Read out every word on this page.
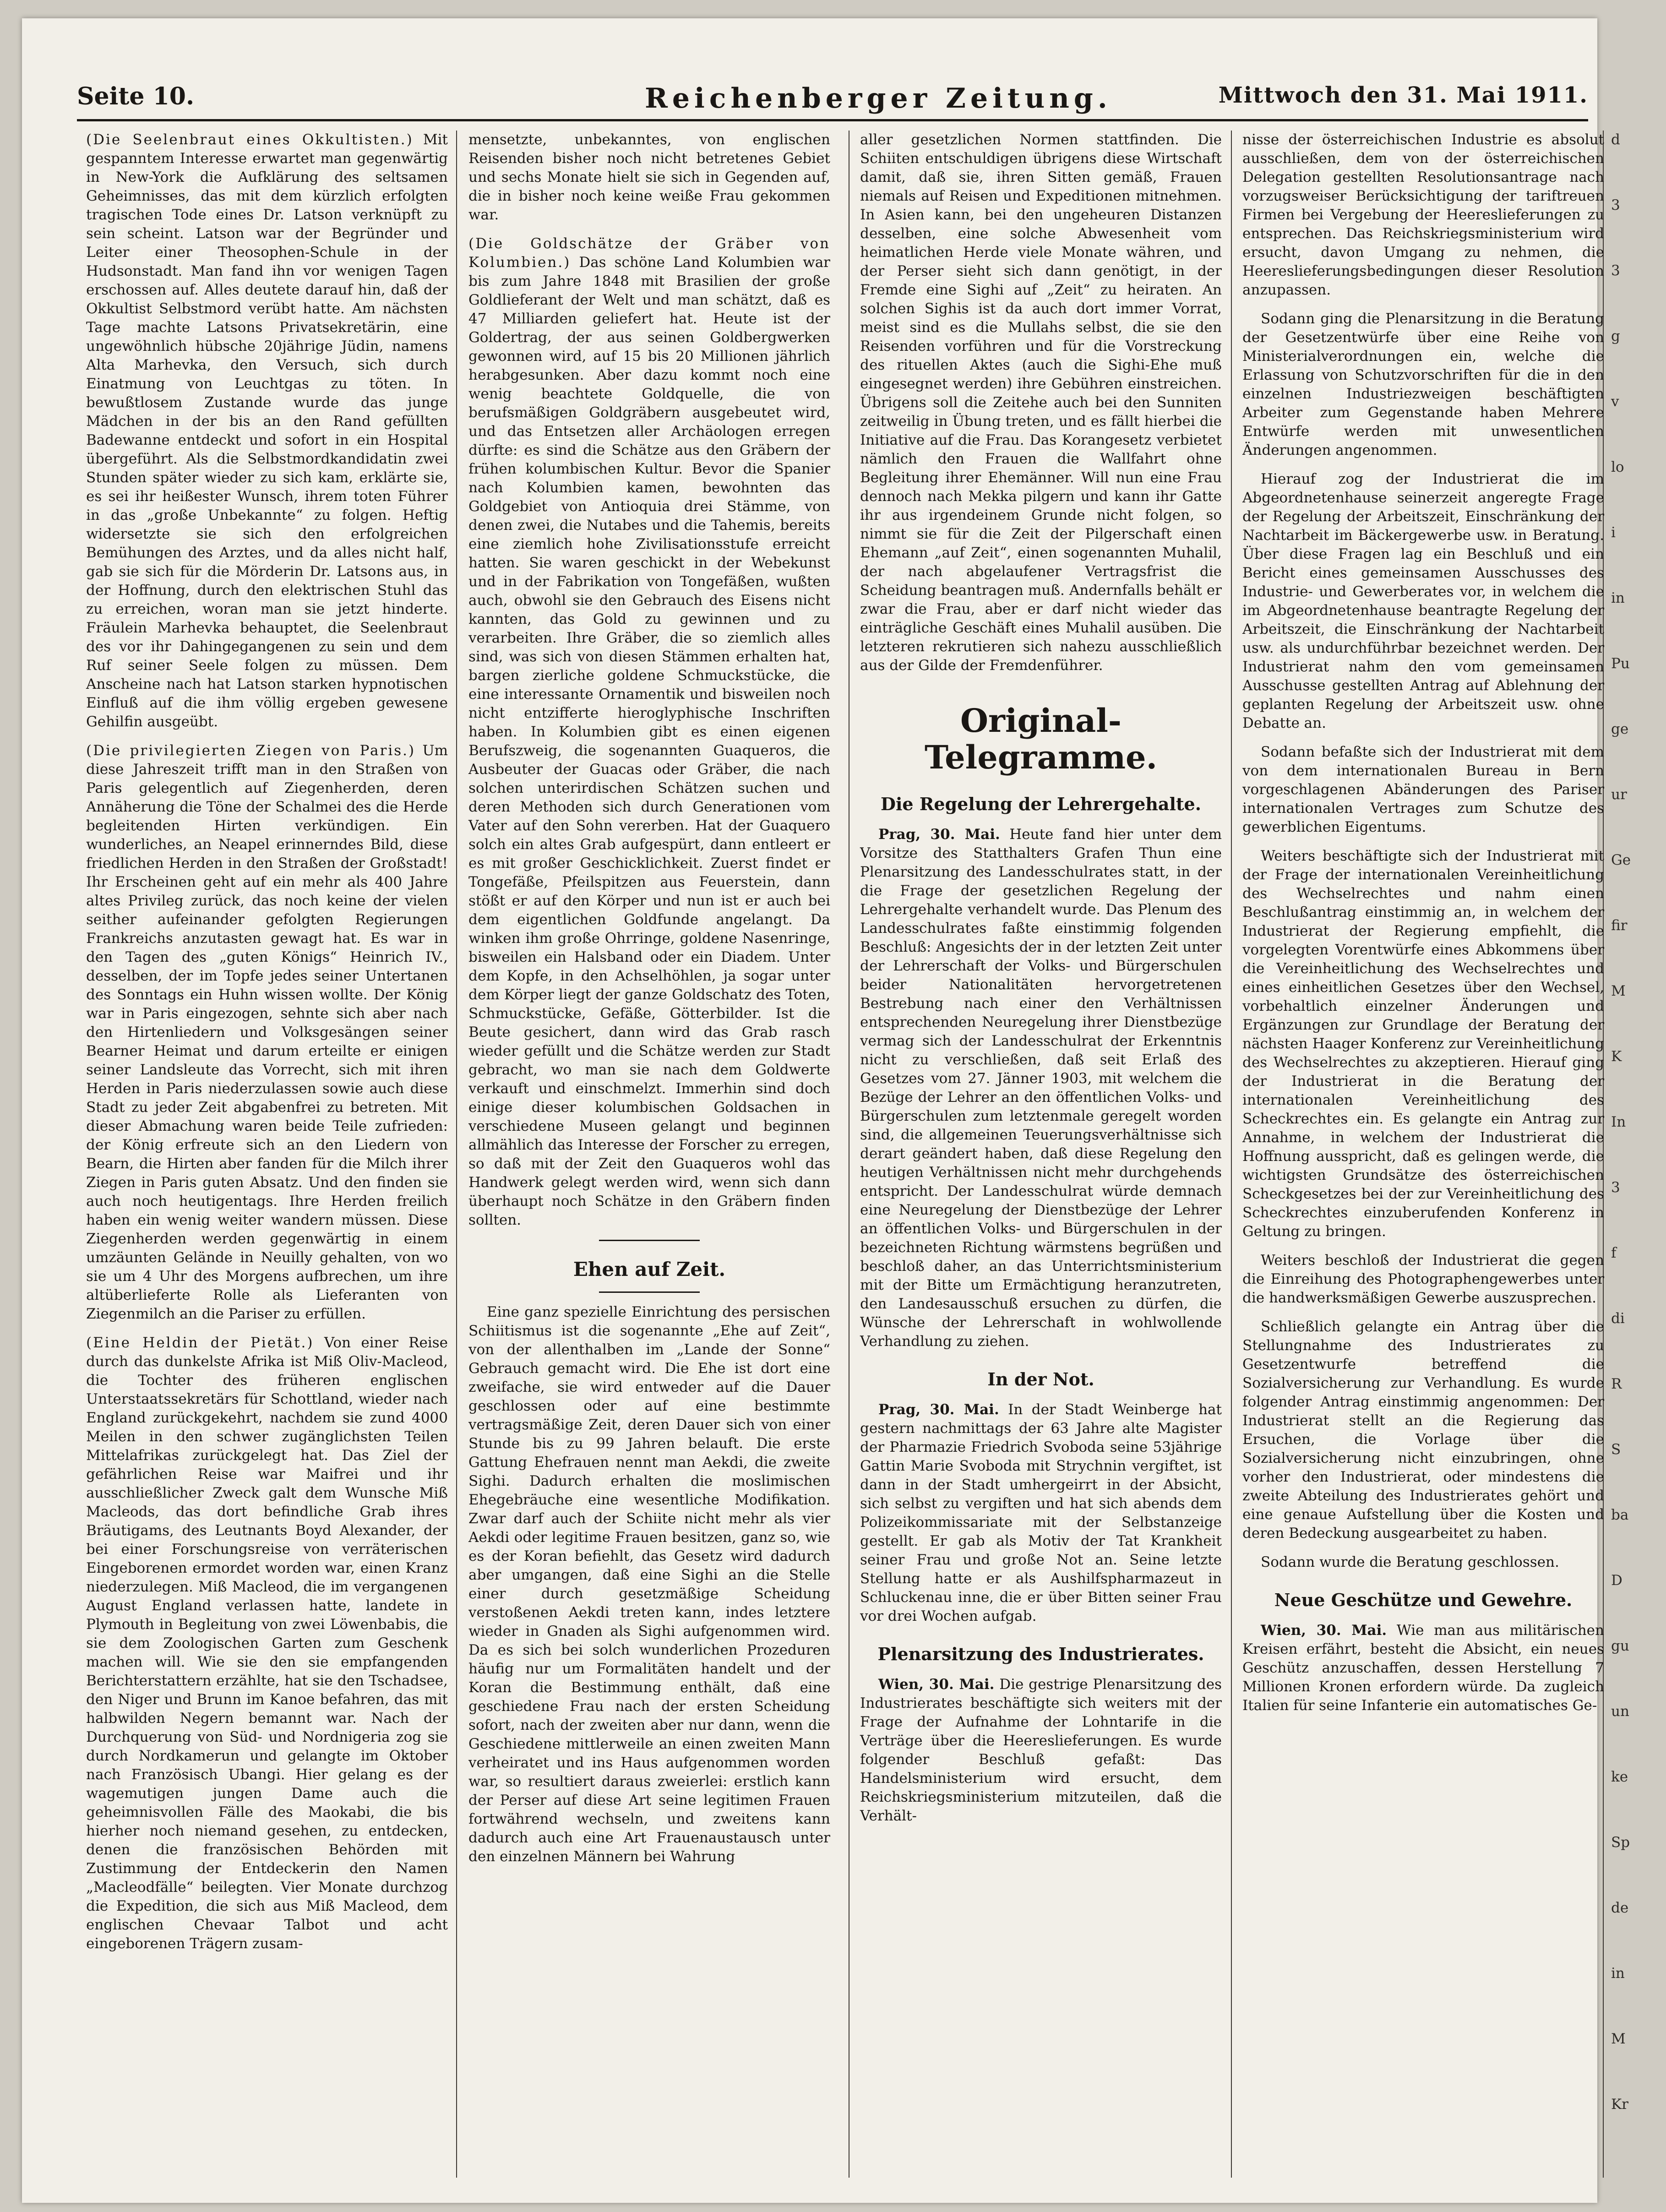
Seite 10.	Reichenberger Zeitung.	Mittwoch den 31. Mai 1911.

(Die Seelenbraut eines Okkultisten.) Mit gespanntem Interesse erwartet man gegenwärtig in New-York die Aufklärung des seltsamen Geheimnisses, das mit dem kürzlich erfolgten tragischen Tode eines Dr. Latson verknüpft zu sein scheint. Latson war der Begründer und Leiter einer Theosophen-Schule in der Hudsonstadt. Man fand ihn vor wenigen Tagen erschossen auf. Alles deutete darauf hin, daß der Okkultist Selbstmord verübt hatte. Am nächsten Tage machte Latsons Privatsekretärin, eine ungewöhnlich hübsche 20jährige Jüdin, namens Alta Marhevka, den Versuch, sich durch Einatmung von Leuchtgas zu töten. In bewußtlosem Zustande wurde das junge Mädchen in der bis an den Rand gefüllten Badewanne entdeckt und sofort in ein Hospital übergeführt. Als die Selbstmordkandidatin zwei Stunden später wieder zu sich kam, erklärte sie, es sei ihr heißester Wunsch, ihrem toten Führer in das „große Unbekannte“ zu folgen. Heftig widersetzte sie sich den erfolgreichen Bemühungen des Arztes, und da alles nicht half, gab sie sich für die Mörderin Dr. Latsons aus, in der Hoffnung, durch den elektrischen Stuhl das zu erreichen, woran man sie jetzt hinderte. Fräulein Marhevka behauptet, die Seelenbraut des vor ihr Dahingegangenen zu sein und dem Ruf seiner Seele folgen zu müssen. Dem Anscheine nach hat Latson starken hypnotischen Einfluß auf die ihm völlig ergeben gewesene Gehilfin ausgeübt.

(Die privilegierten Ziegen von Paris.) Um diese Jahreszeit trifft man in den Straßen von Paris gelegentlich auf Ziegenherden, deren Annäherung die Töne der Schalmei des die Herde begleitenden Hirten verkündigen. Ein wunderliches, an Neapel erinnerndes Bild, diese friedlichen Herden in den Straßen der Großstadt! Ihr Erscheinen geht auf ein mehr als 400 Jahre altes Privileg zurück, das noch keine der vielen seither aufeinander gefolgten Regierungen Frankreichs anzutasten gewagt hat. Es war in den Tagen des „guten Königs“ Heinrich IV., desselben, der im Topfe jedes seiner Untertanen des Sonntags ein Huhn wissen wollte. Der König war in Paris eingezogen, sehnte sich aber nach den Hirtenliedern und Volksgesängen seiner Bearner Heimat und darum erteilte er einigen seiner Landsleute das Vorrecht, sich mit ihren Herden in Paris niederzulassen sowie auch diese Stadt zu jeder Zeit abgabenfrei zu betreten. Mit dieser Abmachung waren beide Teile zufrieden: der König erfreute sich an den Liedern von Bearn, die Hirten aber fanden für die Milch ihrer Ziegen in Paris guten Absatz. Und den finden sie auch noch heutigentags. Ihre Herden freilich haben ein wenig weiter wandern müssen. Diese Ziegenherden werden gegenwärtig in einem umzäunten Gelände in Neuilly gehalten, von wo sie um 4 Uhr des Morgens aufbrechen, um ihre altüberlieferte Rolle als Lieferanten von Ziegenmilch an die Pariser zu erfüllen.

(Eine Heldin der Pietät.) Von einer Reise durch das dunkelste Afrika ist Miß Oliv-Macleod, die Tochter des früheren englischen Unterstaatssekretärs für Schottland, wieder nach England zurückgekehrt, nachdem sie zund 4000 Meilen in den schwer zugänglichsten Teilen Mittelafrikas zurückgelegt hat. Das Ziel der gefährlichen Reise war Maifrei und ihr ausschließlicher Zweck galt dem Wunsche Miß Macleods, das dort befindliche Grab ihres Bräutigams, des Leutnants Boyd Alexander, der bei einer Forschungsreise von verräterischen Eingeborenen ermordet worden war, einen Kranz niederzulegen. Miß Macleod, die im vergangenen August England verlassen hatte, landete in Plymouth in Begleitung von zwei Löwenbabis, die sie dem Zoologischen Garten zum Geschenk machen will. Wie sie den sie empfangenden Berichterstattern erzählte, hat sie den Tschadsee, den Niger und Brunn im Kanoe befahren, das mit halbwilden Negern bemannt war. Nach der Durchquerung von Süd- und Nordnigeria zog sie durch Nordkamerun und gelangte im Oktober nach Französisch Ubangi. Hier gelang es der wagemutigen jungen Dame auch die geheimnisvollen Fälle des Maokabi, die bis hierher noch niemand gesehen, zu entdecken, denen die französischen Behörden mit Zustimmung der Entdeckerin den Namen „Macleodfälle“ beilegten. Vier Monate durchzog die Expedition, die sich aus Miß Macleod, dem englischen Chevaar Talbot und acht eingeborenen Trägern zusam-

mensetzte, unbekanntes, von englischen Reisenden bisher noch nicht betretenes Gebiet und sechs Monate hielt sie sich in Gegenden auf, die in bisher noch keine weiße Frau gekommen war.

(Die Goldschätze der Gräber von Kolumbien.) Das schöne Land Kolumbien war bis zum Jahre 1848 mit Brasilien der große Goldlieferant der Welt und man schätzt, daß es 47 Milliarden geliefert hat. Heute ist der Goldertrag, der aus seinen Goldbergwerken gewonnen wird, auf 15 bis 20 Millionen jährlich herabgesunken. Aber dazu kommt noch eine wenig beachtete Goldquelle, die von berufsmäßigen Goldgräbern ausgebeutet wird, und das Entsetzen aller Archäologen erregen dürfte: es sind die Schätze aus den Gräbern der frühen kolumbischen Kultur. Bevor die Spanier nach Kolumbien kamen, bewohnten das Goldgebiet von Antioquia drei Stämme, von denen zwei, die Nutabes und die Tahemis, bereits eine ziemlich hohe Zivilisationsstufe erreicht hatten. Sie waren geschickt in der Webekunst und in der Fabrikation von Tongefäßen, wußten auch, obwohl sie den Gebrauch des Eisens nicht kannten, das Gold zu gewinnen und zu verarbeiten. Ihre Gräber, die so ziemlich alles sind, was sich von diesen Stämmen erhalten hat, bargen zierliche goldene Schmuckstücke, die eine interessante Ornamentik und bisweilen noch nicht entzifferte hieroglyphische Inschriften haben. In Kolumbien gibt es einen eigenen Berufszweig, die sogenannten Guaqueros, die Ausbeuter der Guacas oder Gräber, die nach solchen unterirdischen Schätzen suchen und deren Methoden sich durch Generationen vom Vater auf den Sohn vererben. Hat der Guaquero solch ein altes Grab aufgespürt, dann entleert er es mit großer Geschicklichkeit. Zuerst findet er Tongefäße, Pfeilspitzen aus Feuerstein, dann stößt er auf den Körper und nun ist er auch bei dem eigentlichen Goldfunde angelangt. Da winken ihm große Ohrringe, goldene Nasenringe, bisweilen ein Halsband oder ein Diadem. Unter dem Kopfe, in den Achselhöhlen, ja sogar unter dem Körper liegt der ganze Goldschatz des Toten, Schmuckstücke, Gefäße, Götterbilder. Ist die Beute gesichert, dann wird das Grab rasch wieder gefüllt und die Schätze werden zur Stadt gebracht, wo man sie nach dem Goldwerte verkauft und einschmelzt. Immerhin sind doch einige dieser kolumbischen Goldsachen in verschiedene Museen gelangt und beginnen allmählich das Interesse der Forscher zu erregen, so daß mit der Zeit den Guaqueros wohl das Handwerk gelegt werden wird, wenn sich dann überhaupt noch Schätze in den Gräbern finden sollten.

Ehen auf Zeit.

Eine ganz spezielle Einrichtung des persischen Schiitismus ist die sogenannte „Ehe auf Zeit“, von der allenthalben im „Lande der Sonne“ Gebrauch gemacht wird. Die Ehe ist dort eine zweifache, sie wird entweder auf die Dauer geschlossen oder auf eine bestimmte vertragsmäßige Zeit, deren Dauer sich von einer Stunde bis zu 99 Jahren belauft. Die erste Gattung Ehefrauen nennt man Aekdi, die zweite Sighi. Dadurch erhalten die moslimischen Ehegebräuche eine wesentliche Modifikation. Zwar darf auch der Schiite nicht mehr als vier Aekdi oder legitime Frauen besitzen, ganz so, wie es der Koran befiehlt, das Gesetz wird dadurch aber umgangen, daß eine Sighi an die Stelle einer durch gesetzmäßige Scheidung verstoßenen Aekdi treten kann, indes letztere wieder in Gnaden als Sighi aufgenommen wird. Da es sich bei solch wunderlichen Prozeduren häufig nur um Formalitäten handelt und der Koran die Bestimmung enthält, daß eine geschiedene Frau nach der ersten Scheidung sofort, nach der zweiten aber nur dann, wenn die Geschiedene mittlerweile an einen zweiten Mann verheiratet und ins Haus aufgenommen worden war, so resultiert daraus zweierlei: erstlich kann der Perser auf diese Art seine legitimen Frauen fortwährend wechseln, und zweitens kann dadurch auch eine Art Frauenaustausch unter den einzelnen Männern bei Wahrung

aller gesetzlichen Normen stattfinden. Die Schiiten entschuldigen übrigens diese Wirtschaft damit, daß sie, ihren Sitten gemäß, Frauen niemals auf Reisen und Expeditionen mitnehmen. In Asien kann, bei den ungeheuren Distanzen desselben, eine solche Abwesenheit vom heimatlichen Herde viele Monate währen, und der Perser sieht sich dann genötigt, in der Fremde eine Sighi auf „Zeit“ zu heiraten. An solchen Sighis ist da auch dort immer Vorrat, meist sind es die Mullahs selbst, die sie den Reisenden vorführen und für die Vorstreckung des rituellen Aktes (auch die Sighi-Ehe muß eingesegnet werden) ihre Gebühren einstreichen. Übrigens soll die Zeitehe auch bei den Sunniten zeitweilig in Übung treten, und es fällt hierbei die Initiative auf die Frau. Das Korangesetz verbietet nämlich den Frauen die Wallfahrt ohne Begleitung ihrer Ehemänner. Will nun eine Frau dennoch nach Mekka pilgern und kann ihr Gatte ihr aus irgendeinem Grunde nicht folgen, so nimmt sie für die Zeit der Pilgerschaft einen Ehemann „auf Zeit“, einen sogenannten Muhalil, der nach abgelaufener Vertragsfrist die Scheidung beantragen muß. Andernfalls behält er zwar die Frau, aber er darf nicht wieder das einträgliche Geschäft eines Muhalil ausüben. Die letzteren rekrutieren sich nahezu ausschließlich aus der Gilde der Fremdenführer.

Original-Telegramme.
Die Regelung der Lehrergehalte.

Prag, 30. Mai. Heute fand hier unter dem Vorsitze des Statthalters Grafen Thun eine Plenarsitzung des Landesschulrates statt, in der die Frage der gesetzlichen Regelung der Lehrergehalte verhandelt wurde. Das Plenum des Landesschulrates faßte einstimmig folgenden Beschluß: Angesichts der in der letzten Zeit unter der Lehrerschaft der Volks- und Bürgerschulen beider Nationalitäten hervorgetretenen Bestrebung nach einer den Verhältnissen entsprechenden Neuregelung ihrer Dienstbezüge vermag sich der Landesschulrat der Erkenntnis nicht zu verschließen, daß seit Erlaß des Gesetzes vom 27. Jänner 1903, mit welchem die Bezüge der Lehrer an den öffentlichen Volks- und Bürgerschulen zum letztenmale geregelt worden sind, die allgemeinen Teuerungsverhältnisse sich derart geändert haben, daß diese Regelung den heutigen Verhältnissen nicht mehr durchgehends entspricht. Der Landesschulrat würde demnach eine Neuregelung der Dienstbezüge der Lehrer an öffentlichen Volks- und Bürgerschulen in der bezeichneten Richtung wärmstens begrüßen und beschloß daher, an das Unterrichtsministerium mit der Bitte um Ermächtigung heranzutreten, den Landesausschuß ersuchen zu dürfen, die Wünsche der Lehrerschaft in wohlwollende Verhandlung zu ziehen.

In der Not.

Prag, 30. Mai. In der Stadt Weinberge hat gestern nachmittags der 63 Jahre alte Magister der Pharmazie Friedrich Svoboda seine 53jährige Gattin Marie Svoboda mit Strychnin vergiftet, ist dann in der Stadt umhergeirrt in der Absicht, sich selbst zu vergiften und hat sich abends dem Polizeikommissariate mit der Selbstanzeige gestellt. Er gab als Motiv der Tat Krankheit seiner Frau und große Not an. Seine letzte Stellung hatte er als Aushilfspharmazeut in Schluckenau inne, die er über Bitten seiner Frau vor drei Wochen aufgab.

Plenarsitzung des Industrierates.

Wien, 30. Mai. Die gestrige Plenarsitzung des Industrierates beschäftigte sich weiters mit der Frage der Aufnahme der Lohntarife in die Verträge über die Heereslieferungen. Es wurde folgender Beschluß gefaßt: Das Handelsministerium wird ersucht, dem Reichskriegsministerium mitzuteilen, daß die Verhält-

nisse der österreichischen Industrie es absolut ausschließen, dem von der österreichischen Delegation gestellten Resolutionsantrage nach vorzugsweiser Berücksichtigung der tariftreuen Firmen bei Vergebung der Heereslieferungen zu entsprechen. Das Reichskriegsministerium wird ersucht, davon Umgang zu nehmen, die Heereslieferungsbedingungen dieser Resolution anzupassen.

Sodann ging die Plenarsitzung in die Beratung der Gesetzentwürfe über eine Reihe von Ministerialverordnungen ein, welche die Erlassung von Schutzvorschriften für die in den einzelnen Industriezweigen beschäftigten Arbeiter zum Gegenstande haben Mehrere Entwürfe werden mit unwesentlichen Änderungen angenommen.

Hierauf zog der Industrierat die im Abgeordnetenhause seinerzeit angeregte Frage der Regelung der Arbeitszeit, Einschränkung der Nachtarbeit im Bäckergewerbe usw. in Beratung. Über diese Fragen lag ein Beschluß und ein Bericht eines gemeinsamen Ausschusses des Industrie- und Gewerberates vor, in welchem die im Abgeordnetenhause beantragte Regelung der Arbeitszeit, die Einschränkung der Nachtarbeit usw. als undurchführbar bezeichnet werden. Der Industrierat nahm den vom gemeinsamen Ausschusse gestellten Antrag auf Ablehnung der geplanten Regelung der Arbeitszeit usw. ohne Debatte an.

Sodann befaßte sich der Industrierat mit dem von dem internationalen Bureau in Bern vorgeschlagenen Abänderungen des Pariser internationalen Vertrages zum Schutze des gewerblichen Eigentums.

Weiters beschäftigte sich der Industrierat mit der Frage der internationalen Vereinheitlichung des Wechselrechtes und nahm einen Beschlußantrag einstimmig an, in welchem der Industrierat der Regierung empfiehlt, die vorgelegten Vorentwürfe eines Abkommens über die Vereinheitlichung des Wechselrechtes und eines einheitlichen Gesetzes über den Wechsel, vorbehaltlich einzelner Änderungen und Ergänzungen zur Grundlage der Beratung der nächsten Haager Konferenz zur Vereinheitlichung des Wechselrechtes zu akzeptieren. Hierauf ging der Industrierat in die Beratung der internationalen Vereinheitlichung des Scheckrechtes ein. Es gelangte ein Antrag zur Annahme, in welchem der Industrierat die Hoffnung ausspricht, daß es gelingen werde, die wichtigsten Grundsätze des österreichischen Scheckgesetzes bei der zur Vereinheitlichung des Scheckrechtes einzuberufenden Konferenz in Geltung zu bringen.

Weiters beschloß der Industrierat die gegen die Einreihung des Photographengewerbes unter die handwerksmäßigen Gewerbe auszusprechen.

Schließlich gelangte ein Antrag über die Stellungnahme des Industrierates zu Gesetzentwurfe betreffend die Sozialversicherung zur Verhandlung. Es wurde folgender Antrag einstimmig angenommen: Der Industrierat stellt an die Regierung das Ersuchen, die Vorlage über die Sozialversicherung nicht einzubringen, ohne vorher den Industrierat, oder mindestens die zweite Abteilung des Industrierates gehört und eine genaue Aufstellung über die Kosten und deren Bedeckung ausgearbeitet zu haben.

Sodann wurde die Beratung geschlossen.

Neue Geschütze und Gewehre.

Wien, 30. Mai. Wie man aus militärischen Kreisen erfährt, besteht die Absicht, ein neues Geschütz anzuschaffen, dessen Herstellung 7 Millionen Kronen erfordern würde. Da zugleich Italien für seine Infanterie ein automatisches Ge-

d
3
3
g
v
lo
i
in
Pu
ge
ur
Ge
fir
M
K
In
3
f
di
R
S
ba
D
gu
un
ke
Sp
de
in
M
Kr
